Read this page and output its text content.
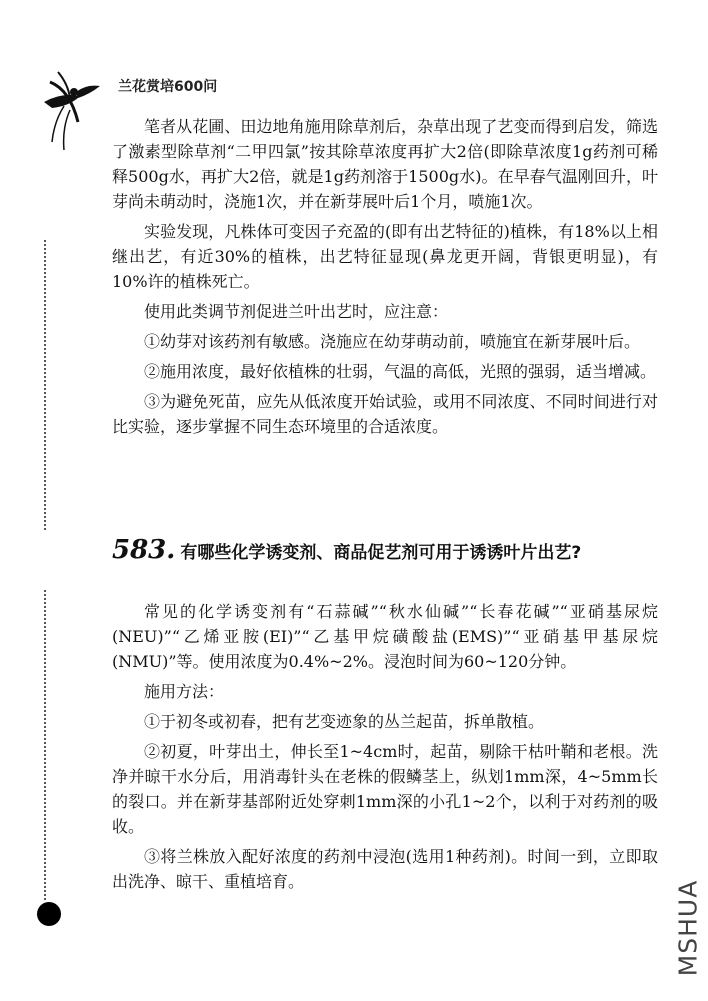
兰花赏培600问

笔者从花圃、田边地角施用除草剂后，杂草出现了艺变而得到启发，筛选了激素型除草剂“二甲四氯”按其除草浓度再扩大2倍(即除草浓度1g药剂可稀释500g水，再扩大2倍，就是1g药剂溶于1500g水)。在早春气温刚回升，叶芽尚未萌动时，浇施1次，并在新芽展叶后1个月，喷施1次。

实验发现，凡株体可变因子充盈的(即有出艺特征的)植株，有18%以上相继出艺，有近30%的植株，出艺特征显现(鼻龙更开阔，背银更明显)，有10%许的植株死亡。

使用此类调节剂促进兰叶出艺时，应注意：

①幼芽对该药剂有敏感。浇施应在幼芽萌动前，喷施宜在新芽展叶后。

②施用浓度，最好依植株的壮弱，气温的高低，光照的强弱，适当增减。

③为避免死苗，应先从低浓度开始试验，或用不同浓度、不同时间进行对比实验，逐步掌握不同生态环境里的合适浓度。

583. 有哪些化学诱变剂、商品促艺剂可用于诱诱叶片出艺?

常见的化学诱变剂有“石蒜碱”“秋水仙碱”“长春花碱”“亚硝基尿烷(NEU)”“乙烯亚胺(EI)”“乙基甲烷磺酸盐(EMS)”“亚硝基甲基尿烷(NMU)”等。使用浓度为0.4%~2%。浸泡时间为60~120分钟。

施用方法：

①于初冬或初春，把有艺变迹象的丛兰起苗，拆单散植。

②初夏，叶芽出土，伸长至1~4cm时，起苗，剔除干枯叶鞘和老根。洗净并晾干水分后，用消毒针头在老株的假鳞茎上，纵划1mm深，4~5mm长的裂口。并在新芽基部附近处穿刺1mm深的小孔1~2个，以利于对药剂的吸收。

③将兰株放入配好浓度的药剂中浸泡(选用1种药剂)。时间一到，立即取出洗净、晾干、重植培育。	MSHUA
